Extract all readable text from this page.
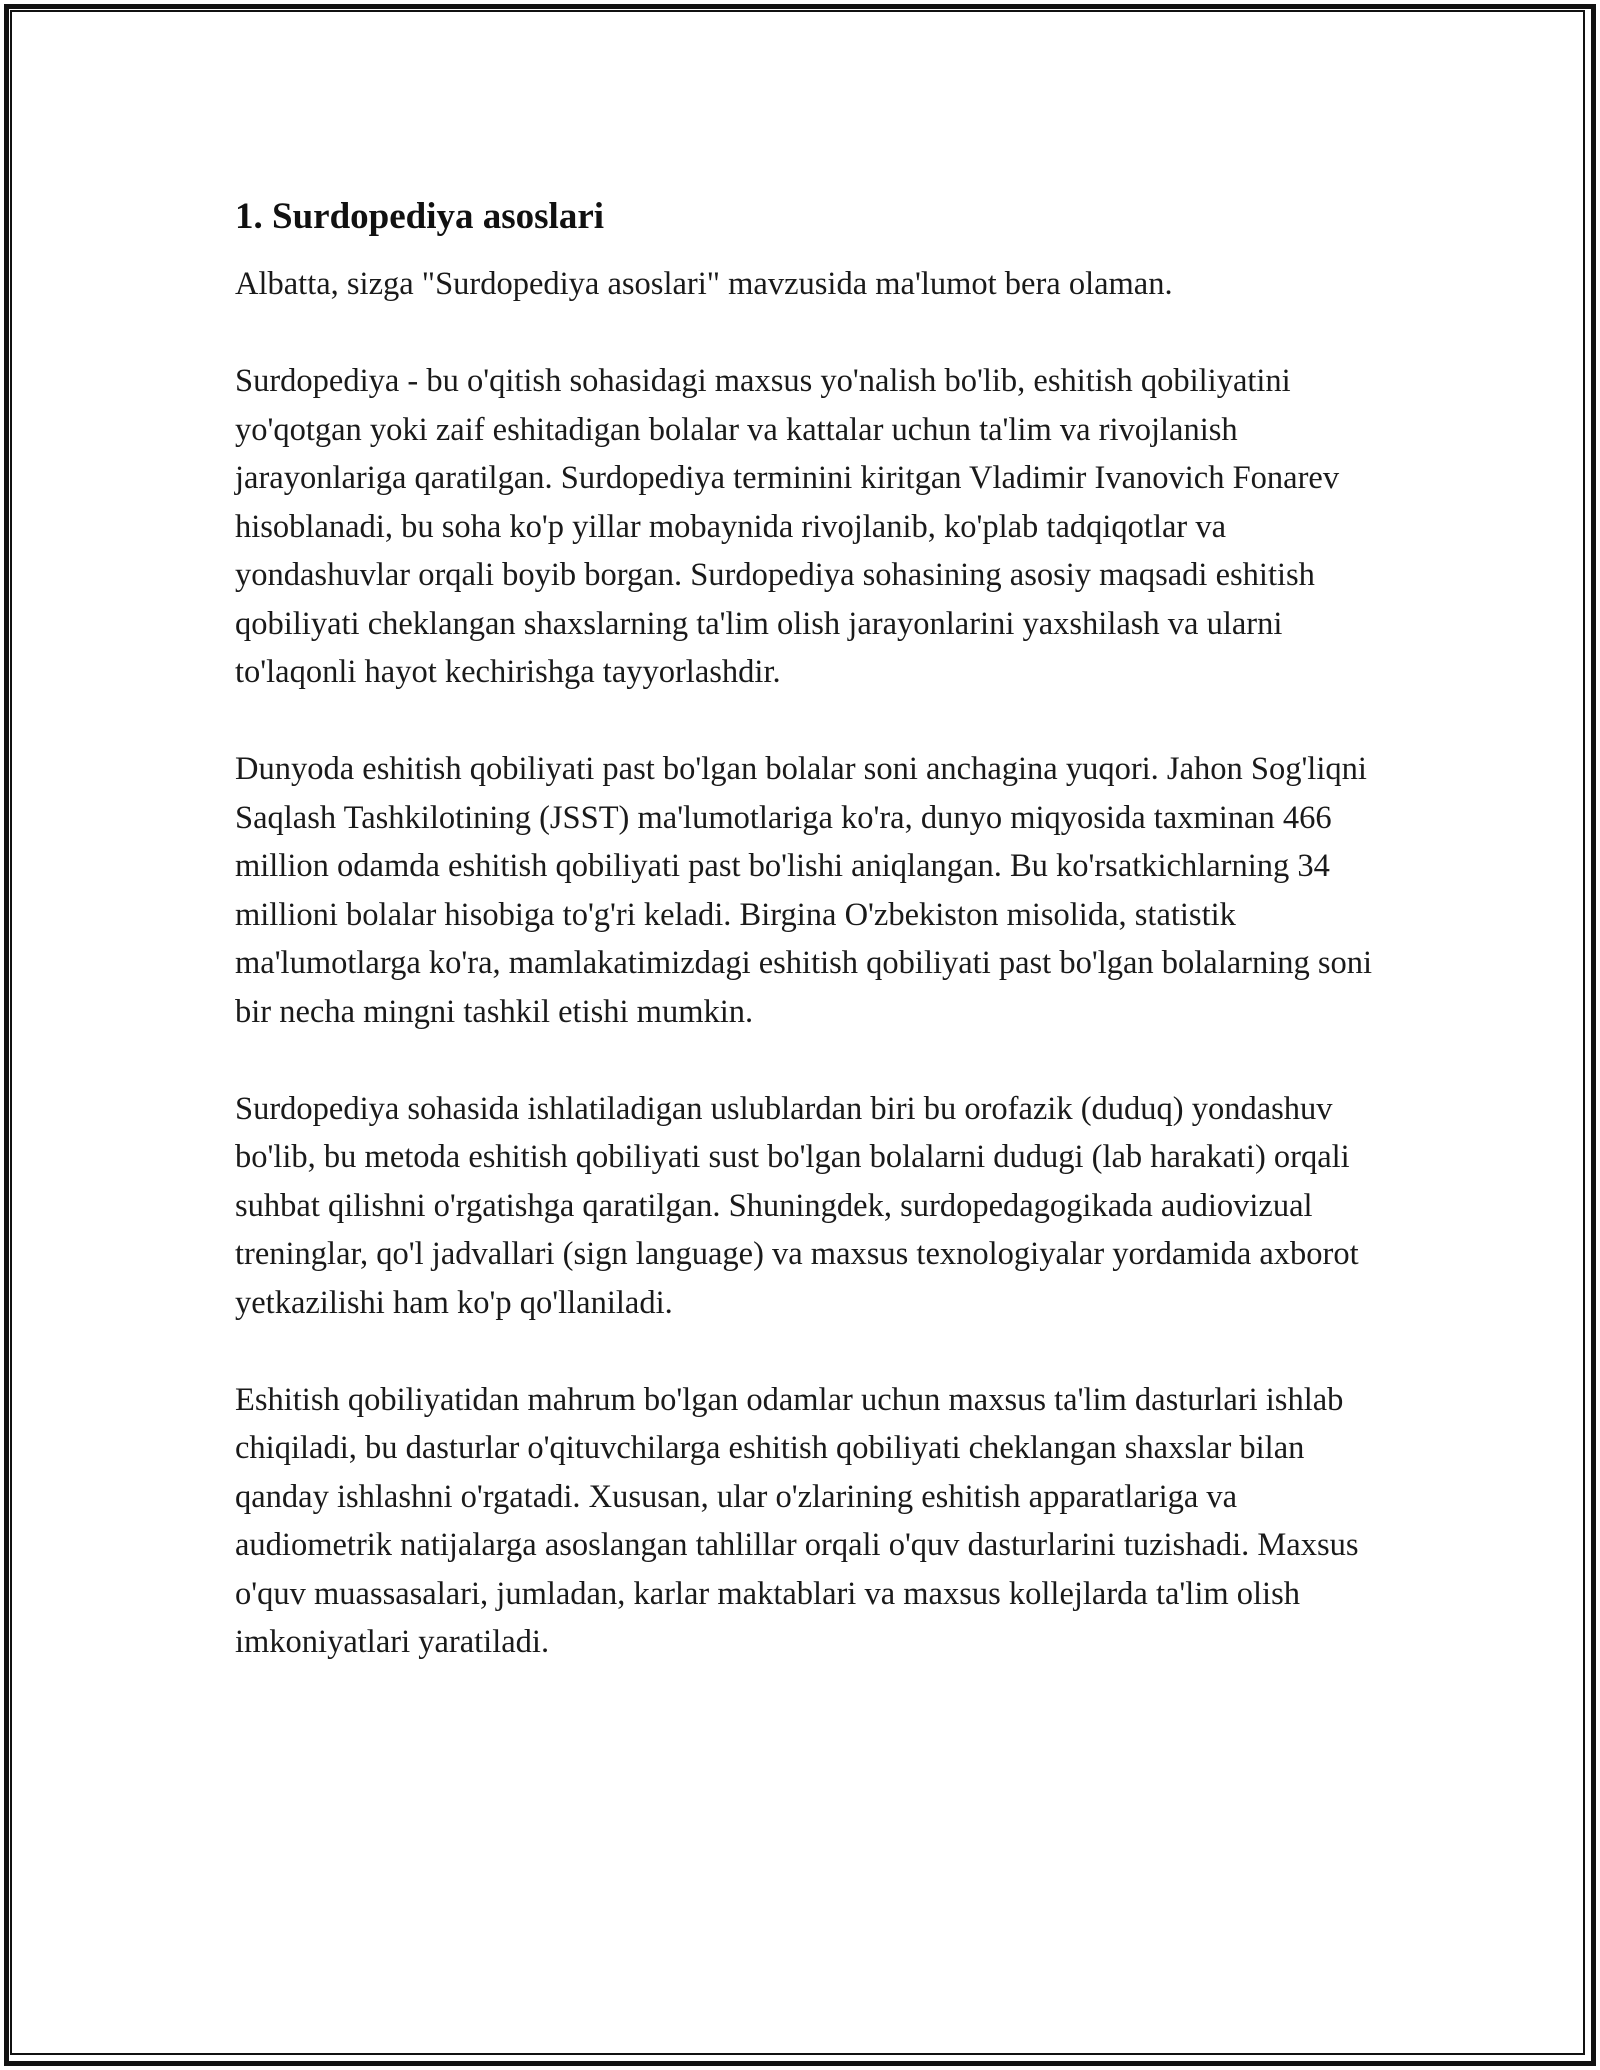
1. Surdopediya asoslari

Albatta, sizga "Surdopediya asoslari" mavzusida ma'lumot bera olaman.

Surdopediya - bu o'qitish sohasidagi maxsus yo'nalish bo'lib, eshitish qobiliyatini yo'qotgan yoki zaif eshitadigan bolalar va kattalar uchun ta'lim va rivojlanish jarayonlariga qaratilgan. Surdopediya terminini kiritgan Vladimir Ivanovich Fonarev hisoblanadi, bu soha ko'p yillar mobaynida rivojlanib, ko'plab tadqiqotlar va yondashuvlar orqali boyib borgan. Surdopediya sohasining asosiy maqsadi eshitish qobiliyati cheklangan shaxslarning ta'lim olish jarayonlarini yaxshilash va ularni to'laqonli hayot kechirishga tayyorlashdir.

Dunyoda eshitish qobiliyati past bo'lgan bolalar soni anchagina yuqori. Jahon Sog'liqni Saqlash Tashkilotining (JSST) ma'lumotlariga ko'ra, dunyo miqyosida taxminan 466 million odamda eshitish qobiliyati past bo'lishi aniqlangan. Bu ko'rsatkichlarning 34 millioni bolalar hisobiga to'g'ri keladi. Birgina O'zbekiston misolida, statistik ma'lumotlarga ko'ra, mamlakatimizdagi eshitish qobiliyati past bo'lgan bolalarning soni bir necha mingni tashkil etishi mumkin.

Surdopediya sohasida ishlatiladigan uslublardan biri bu orofazik (duduq) yondashuv bo'lib, bu metoda eshitish qobiliyati sust bo'lgan bolalarni dudugi (lab harakati) orqali suhbat qilishni o'rgatishga qaratilgan. Shuningdek, surdopedagogikada audiovizual treninglar, qo'l jadvallari (sign language) va maxsus texnologiyalar yordamida axborot yetkazilishi ham ko'p qo'llaniladi.

Eshitish qobiliyatidan mahrum bo'lgan odamlar uchun maxsus ta'lim dasturlari ishlab chiqiladi, bu dasturlar o'qituvchilarga eshitish qobiliyati cheklangan shaxslar bilan qanday ishlashni o'rgatadi. Xususan, ular o'zlarining eshitish apparatlariga va audiometrik natijalarga asoslangan tahlillar orqali o'quv dasturlarini tuzishadi. Maxsus o'quv muassasalari, jumladan, karlar maktablari va maxsus kollejlarda ta'lim olish imkoniyatlari yaratiladi.
